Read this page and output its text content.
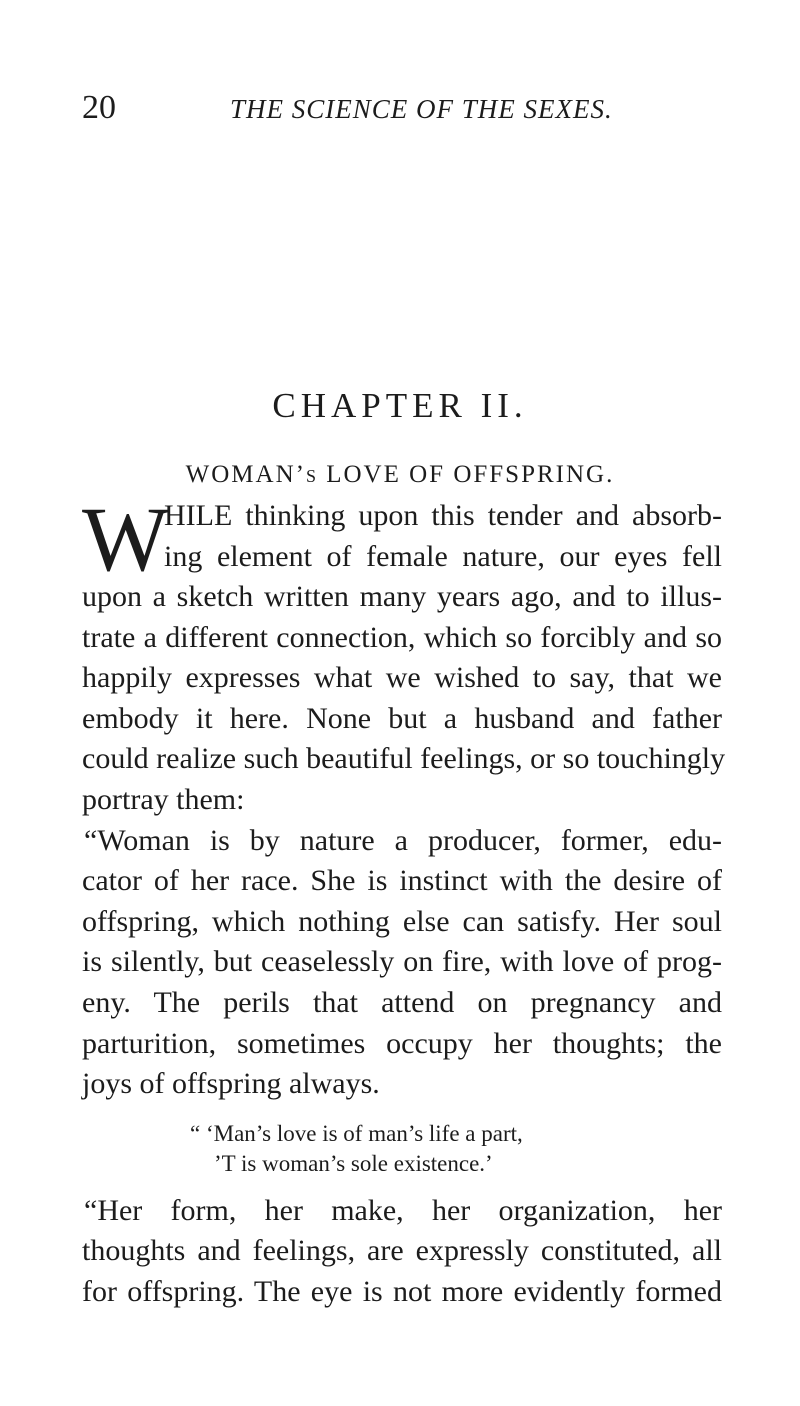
20	THE SCIENCE OF THE SEXES.
CHAPTER II.
WOMAN’s LOVE OF OFFSPRING.
W
HILE thinking upon this tender and absorb-
ing element of female nature, our eyes fell
upon a sketch written many years ago, and to illus-
trate a different connection, which so forcibly and so
happily expresses what we wished to say, that we
embody it here. None but a husband and father
could realize such beautiful feelings, or so touchingly
portray them:
“Woman is by nature a producer, former, edu-
cator of her race. She is instinct with the desire of
offspring, which nothing else can satisfy. Her soul
is silently, but ceaselessly on fire, with love of prog-
eny. The perils that attend on pregnancy and
parturition, sometimes occupy her thoughts; the
joys of offspring always.
“ ‘Man’s love is of man’s life a part,
’T is woman’s sole existence.’
“Her form, her make, her organization, her
thoughts and feelings, are expressly constituted, all
for offspring. The eye is not more evidently formed
